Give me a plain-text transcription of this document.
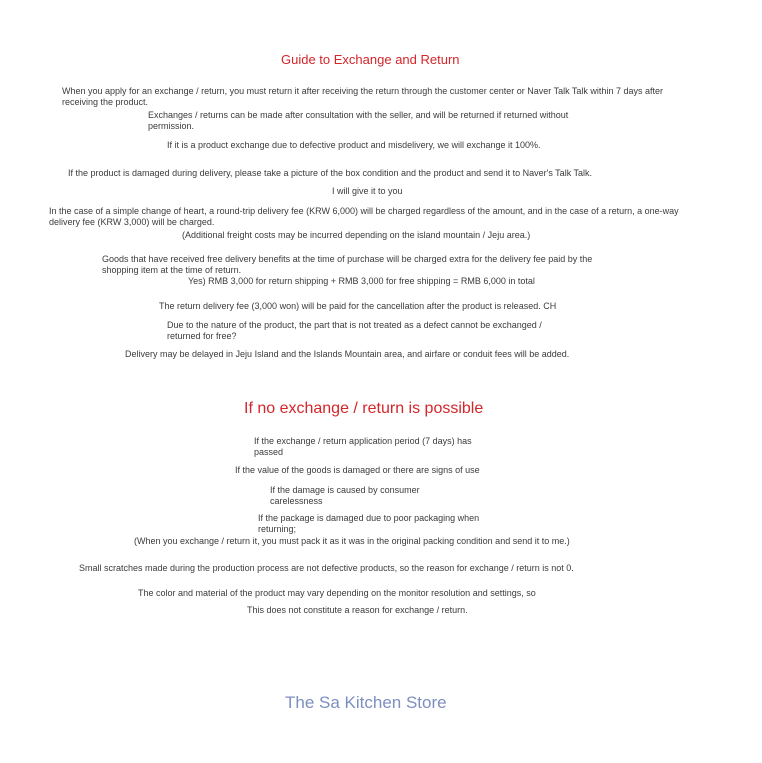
Guide to Exchange and Return
When you apply for an exchange / return, you must return it after receiving the return through the customer center or Naver Talk Talk within 7 days after receiving the product.
Exchanges / returns can be made after consultation with the seller, and will be returned if returned without permission.
If it is a product exchange due to defective product and misdelivery, we will exchange it 100%.
If the product is damaged during delivery, please take a picture of the box condition and the product and send it to Naver's Talk Talk.
I will give it to you
In the case of a simple change of heart, a round-trip delivery fee (KRW 6,000) will be charged regardless of the amount, and in the case of a return, a one-way delivery fee (KRW 3,000) will be charged.
(Additional freight costs may be incurred depending on the island mountain / Jeju area.)
Goods that have received free delivery benefits at the time of purchase will be charged extra for the delivery fee paid by the shopping item at the time of return.
Yes) RMB 3,000 for return shipping + RMB 3,000 for free shipping = RMB 6,000 in total
The return delivery fee (3,000 won) will be paid for the cancellation after the product is released. CH
Due to the nature of the product, the part that is not treated as a defect cannot be exchanged / returned for free?
Delivery may be delayed in Jeju Island and the Islands Mountain area, and airfare or conduit fees will be added.
If no exchange / return is possible
If the exchange / return application period (7 days) has passed
If the value of the goods is damaged or there are signs of use
If the damage is caused by consumer carelessness
If the package is damaged due to poor packaging when returning;
(When you exchange / return it, you must pack it as it was in the original packing condition and send it to me.)
Small scratches made during the production process are not defective products, so the reason for exchange / return is not 0.
The color and material of the product may vary depending on the monitor resolution and settings, so
This does not constitute a reason for exchange / return.
The Sa Kitchen Store
